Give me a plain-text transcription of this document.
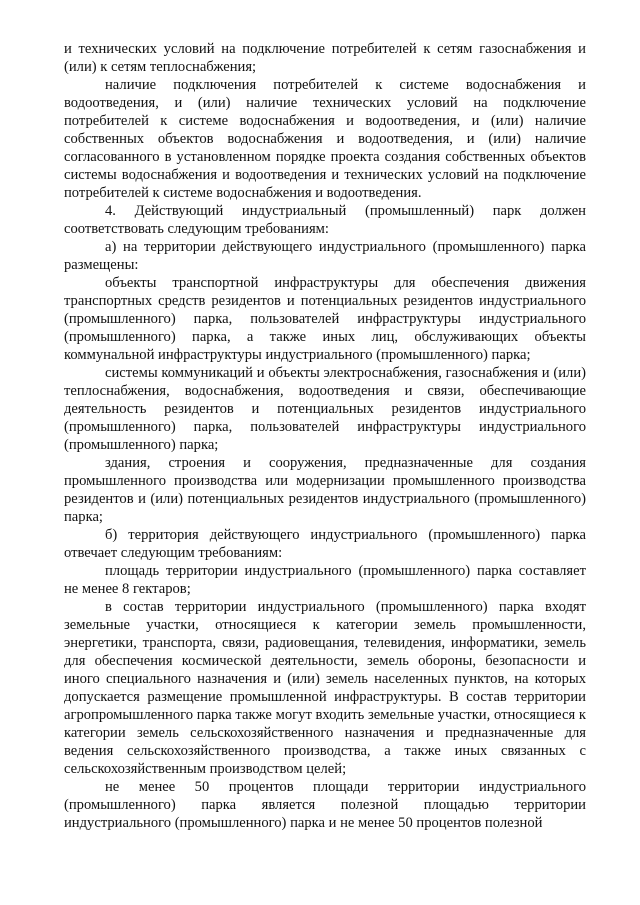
и технических условий на подключение потребителей к сетям газоснабжения и (или) к сетям теплоснабжения;

наличие подключения потребителей к системе водоснабжения и водоотведения, и (или) наличие технических условий на подключение потребителей к системе водоснабжения и водоотведения, и (или) наличие собственных объектов водоснабжения и водоотведения, и (или) наличие согласованного в установленном порядке проекта создания собственных объектов системы водоснабжения и водоотведения и технических условий на подключение потребителей к системе водоснабжения и водоотведения.

4. Действующий индустриальный (промышленный) парк должен соответствовать следующим требованиям:

а) на территории действующего индустриального (промышленного) парка размещены:

объекты транспортной инфраструктуры для обеспечения движения транспортных средств резидентов и потенциальных резидентов индустриального (промышленного) парка, пользователей инфраструктуры индустриального (промышленного) парка, а также иных лиц, обслуживающих объекты коммунальной инфраструктуры индустриального (промышленного) парка;

системы коммуникаций и объекты электроснабжения, газоснабжения и (или) теплоснабжения, водоснабжения, водоотведения и связи, обеспечивающие деятельность резидентов и потенциальных резидентов индустриального (промышленного) парка, пользователей инфраструктуры индустриального (промышленного) парка;

здания, строения и сооружения, предназначенные для создания промышленного производства или модернизации промышленного производства резидентов и (или) потенциальных резидентов индустриального (промышленного) парка;

б) территория действующего индустриального (промышленного) парка отвечает следующим требованиям:

площадь территории индустриального (промышленного) парка составляет не менее 8 гектаров;

в состав территории индустриального (промышленного) парка входят земельные участки, относящиеся к категории земель промышленности, энергетики, транспорта, связи, радиовещания, телевидения, информатики, земель для обеспечения космической деятельности, земель обороны, безопасности и иного специального назначения и (или) земель населенных пунктов, на которых допускается размещение промышленной инфраструктуры. В состав территории агропромышленного парка также могут входить земельные участки, относящиеся к категории земель сельскохозяйственного назначения и предназначенные для ведения сельскохозяйственного производства, а также иных связанных с сельскохозяйственным производством целей;

не менее 50 процентов площади территории индустриального (промышленного) парка является полезной площадью территории индустриального (промышленного) парка и не менее 50 процентов полезной
